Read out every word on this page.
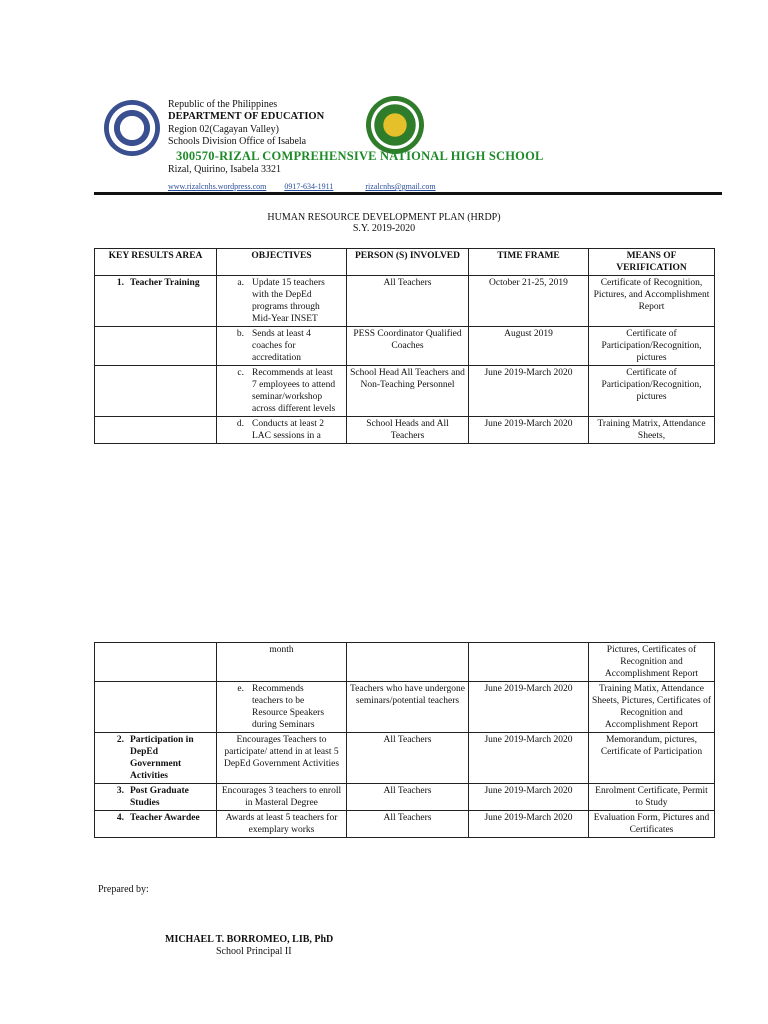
Republic of the Philippines
DEPARTMENT OF EDUCATION
Region 02(Cagayan Valley)
Schools Division Office of Isabela
300570-RIZAL COMPREHENSIVE NATIONAL HIGH SCHOOL
Rizal, Quirino, Isabela 3321
www.rizalcnhs.wordpress.com 0917-634-1911	rizalcnhs@gmail.com
HUMAN RESOURCE DEVELOPMENT PLAN (HRDP)
S.Y. 2019-2020
KEY RESULTS AREA	OBJECTIVES	PERSON (S) INVOLVED	TIME FRAME	MEANS OF VERIFICATION
1. Teacher Training	a. Update 15 teachers with the DepEd programs through Mid-Year INSET	All Teachers	October 21-25, 2019	Certificate of Recognition, Pictures, and Accomplishment Report
	b. Sends at least 4 coaches for accreditation	PESS Coordinator Qualified Coaches	August 2019	Certificate of Participation/Recognition, pictures
	c. Recommends at least 7 employees to attend seminar/workshop across different levels	School Head All Teachers and Non-Teaching Personnel	June 2019-March 2020	Certificate of Participation/Recognition, pictures
	d. Conducts at least 2 LAC sessions in a	School Heads and All Teachers	June 2019-March 2020	Training Matrix, Attendance Sheets,
	month			Pictures, Certificates of Recognition and Accomplishment Report
	e. Recommends teachers to be Resource Speakers during Seminars	Teachers who have undergone seminars/potential teachers	June 2019-March 2020	Training Matix, Attendance Sheets, Pictures, Certificates of Recognition and Accomplishment Report
2. Participation in DepEd Government Activities	Encourages Teachers to participate/ attend in at least 5 DepEd Government Activities	All Teachers	June 2019-March 2020	Memorandum, pictures, Certificate of Participation
3. Post Graduate Studies	Encourages 3 teachers to enroll in Masteral Degree	All Teachers	June 2019-March 2020	Enrolment Certificate, Permit to Study
4. Teacher Awardee	Awards at least 5 teachers for exemplary works	All Teachers	June 2019-March 2020	Evaluation Form, Pictures and Certificates
Prepared by:
MICHAEL T. BORROMEO, LIB, PhD
School Principal II
